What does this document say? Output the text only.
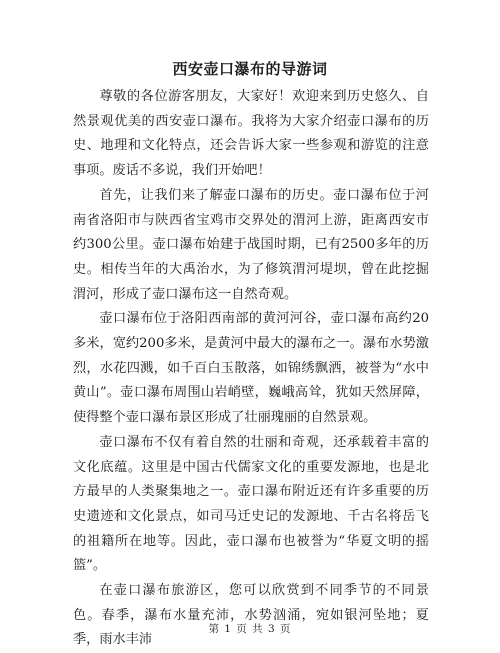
西安壶口瀑布的导游词

尊敬的各位游客朋友，大家好！欢迎来到历史悠久、自然景观优美的西安壶口瀑布。我将为大家介绍壶口瀑布的历史、地理和文化特点，还会告诉大家一些参观和游览的注意事项。废话不多说，我们开始吧！

首先，让我们来了解壶口瀑布的历史。壶口瀑布位于河南省洛阳市与陕西省宝鸡市交界处的渭河上游，距离西安市约300公里。壶口瀑布始建于战国时期，已有2500多年的历史。相传当年的大禹治水，为了修筑渭河堤坝，曾在此挖掘渭河，形成了壶口瀑布这一自然奇观。

壶口瀑布位于洛阳西南部的黄河河谷，壶口瀑布高约20多米，宽约200多米，是黄河中最大的瀑布之一。瀑布水势激烈，水花四溅，如千百白玉散落，如锦绣飘洒，被誉为“水中黄山”。壶口瀑布周围山岩峭壁，巍峨高耸，犹如天然屏障，使得整个壶口瀑布景区形成了壮丽瑰丽的自然景观。

壶口瀑布不仅有着自然的壮丽和奇观，还承载着丰富的文化底蕴。这里是中国古代儒家文化的重要发源地，也是北方最早的人类聚集地之一。壶口瀑布附近还有许多重要的历史遗迹和文化景点，如司马迁史记的发源地、千古名将岳飞的祖籍所在地等。因此，壶口瀑布也被誉为“华夏文明的摇篮”。

在壶口瀑布旅游区，您可以欣赏到不同季节的不同景色。春季，瀑布水量充沛，水势汹涌，宛如银河坠地；夏季，雨水丰沛

第 1 页 共 3 页
